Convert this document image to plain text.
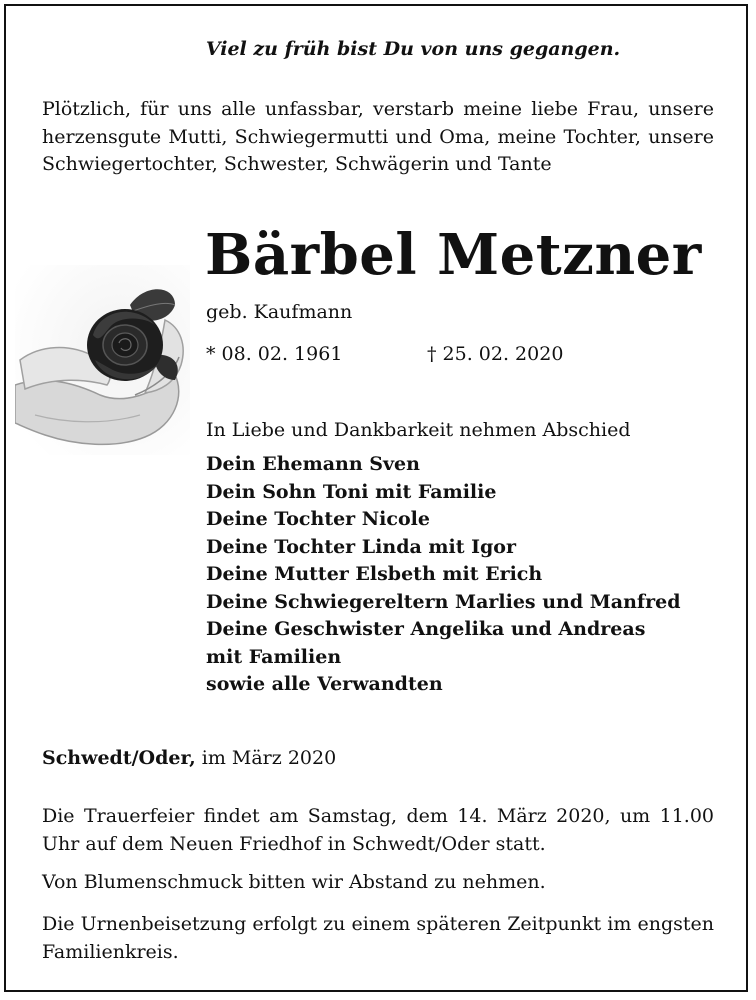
Viel zu früh bist Du von uns gegangen.
Plötzlich, für uns alle unfassbar, verstarb meine liebe Frau, unsere herzensgute Mutti, Schwiegermutti und Oma, meine Tochter, unsere Schwiegertochter, Schwester, Schwägerin und Tante
Bärbel Metzner
geb. Kaufmann
* 08. 02. 1961	† 25. 02. 2020
In Liebe und Dankbarkeit nehmen Abschied
Dein Ehemann Sven
Dein Sohn Toni mit Familie
Deine Tochter Nicole
Deine Tochter Linda mit Igor
Deine Mutter Elsbeth mit Erich
Deine Schwiegereltern Marlies und Manfred
Deine Geschwister Angelika und Andreas
mit Familien
sowie alle Verwandten
Schwedt/Oder, im März 2020
Die Trauerfeier findet am Samstag, dem 14. März 2020, um 11.00 Uhr auf dem Neuen Friedhof in Schwedt/Oder statt.
Von Blumenschmuck bitten wir Abstand zu nehmen.
Die Urnenbeisetzung erfolgt zu einem späteren Zeitpunkt im engsten Familienkreis.
